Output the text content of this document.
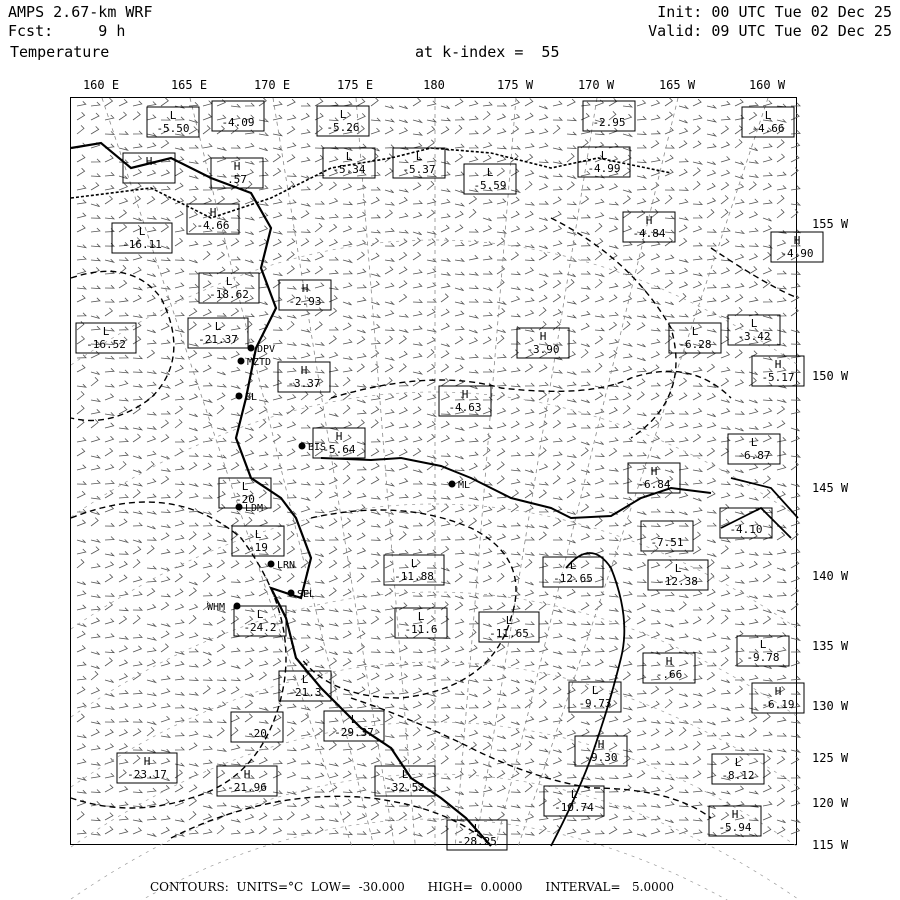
AMPS 2.67-km WRF
Fcst:     9 h
Temperature
Init: 00 UTC Tue 02 Dec 25
Valid: 09 UTC Tue 02 Dec 25
at k-index =  55
160 E	165 E	170 E	175 E	180	175 W	170 W	165 W	160 W
155 W
150 W
145 W
140 W
135 W
130 W
125 W
120 W
115 W
DPV
MZTD
BL
BIS
ML
LDM
LRN
SEL
WHM
L
-5.50	-4.09
L
-5.26	-2.95
L
-4.66
H	H
.57
L
-5.34
L
-5.37	L
-5.59
L
-4.99
H
-4.66
L
-16.11
H
-4.84
H
-4.90
L
-18.62	H
-2.93
L
-16.52
L
-21.37	H
-3.90
L
-6.28
L
-3.42
H
-3.37
H
-5.17
H
-4.63
H
-5.64
L
-6.87
L
-20
H
-6.84
L
-19	-7.51
-4.10
L
-11.88
L
-12.65
L
-12.38
L
-24.2
L
-11.6
L
-11.65
L
-9.78
H
-.66
L
-21.3	L
-9.73
H
-6.19
-20
L
-29.37
H
-9.30
H
-23.17	H
-21.96
L
-32.52
L
-8.12
L
-10.74
H
-5.94
L
-28.25
CONTOURS:  UNITS=°C  LOW=  -30.000      HIGH=  0.0000      INTERVAL=   5.0000
